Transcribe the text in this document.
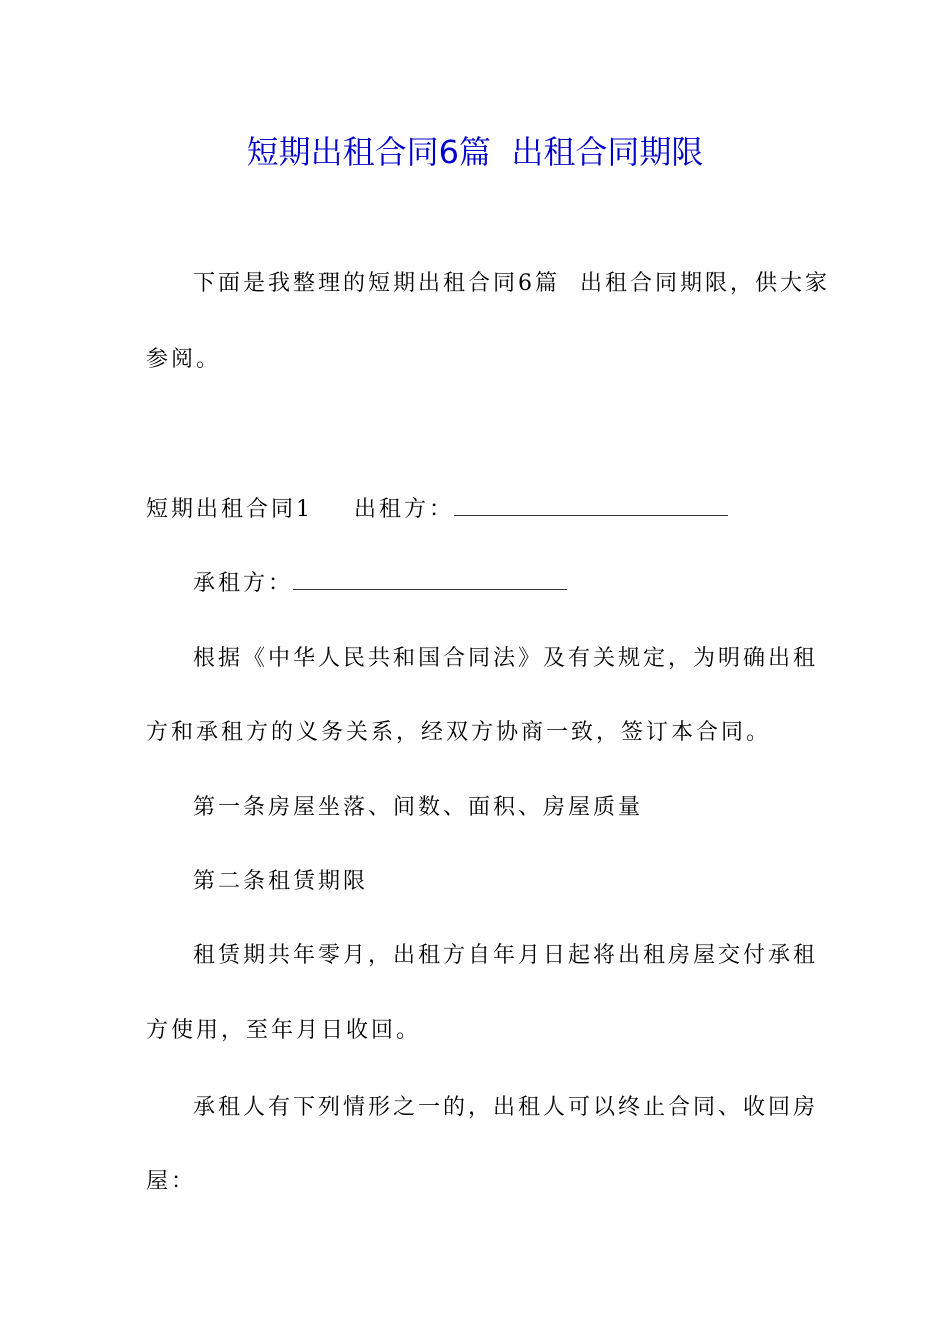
短期出租合同6篇  出租合同期限

下面是我整理的短期出租合同6篇  出租合同期限，供大家

参阅。

短期出租合同1 出租方：

承租方：

根据《中华人民共和国合同法》及有关规定，为明确出租

方和承租方的义务关系，经双方协商一致，签订本合同。

第一条房屋坐落、间数、面积、房屋质量

第二条租赁期限

租赁期共年零月，出租方自年月日起将出租房屋交付承租

方使用，至年月日收回。

承租人有下列情形之一的，出租人可以终止合同、收回房

屋：
